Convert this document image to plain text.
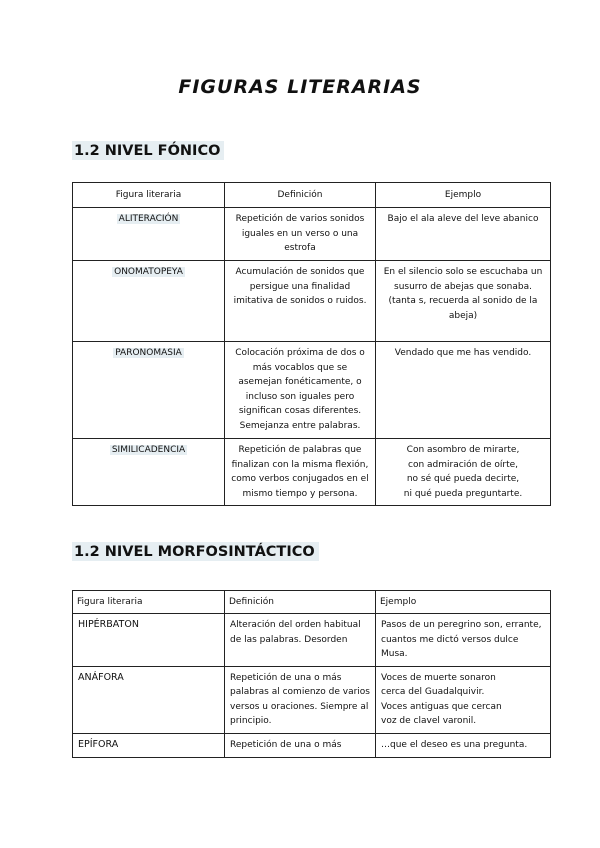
FIGURAS LITERARIAS
1.2 NIVEL FÓNICO
Figura literaria	Definición	Ejemplo
ALITERACIÓN	Repetición de varios sonidos iguales en un verso o una estrofa	Bajo el ala aleve del leve abanico
ONOMATOPEYA	Acumulación de sonidos que persigue una finalidad imitativa de sonidos o ruidos.	En el silencio solo se escuchaba un susurro de abejas que sonaba.
(tanta s, recuerda al sonido de la abeja)
PARONOMASIA	Colocación próxima de dos o más vocablos que se asemejan fonéticamente, o incluso son iguales pero significan cosas diferentes. Semejanza entre palabras.	Vendado que me has vendido.
SIMILICADENCIA	Repetición de palabras que finalizan con la misma flexión, como verbos conjugados en el mismo tiempo y persona.	Con asombro de mirarte,
con admiración de oírte,
no sé qué pueda decirte,
ni qué pueda preguntarte.
1.2 NIVEL MORFOSINTÁCTICO
Figura literaria	Definición	Ejemplo
HIPÉRBATON	Alteración del orden habitual de las palabras. Desorden	Pasos de un peregrino son, errante, cuantos me dictó versos dulce Musa.
ANÁFORA	Repetición de una o más palabras al comienzo de varios versos u oraciones. Siempre al principio.	Voces de muerte sonaron
cerca del Guadalquivir.
Voces antiguas que cercan
voz de clavel varonil.
EPÍFORA	Repetición de una o más	…que el deseo es una pregunta.
